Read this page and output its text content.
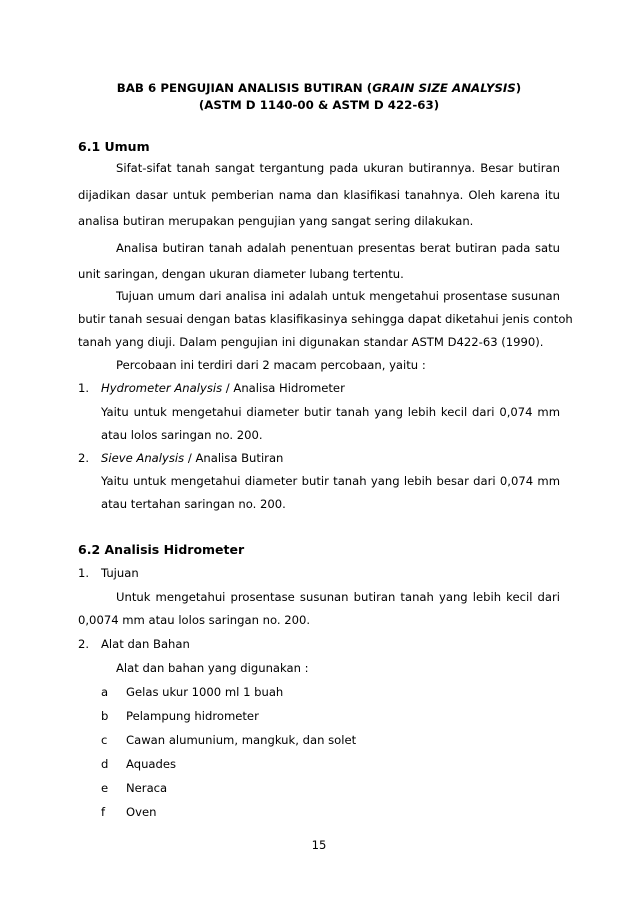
BAB 6 PENGUJIAN ANALISIS BUTIRAN (GRAIN SIZE ANALYSIS)
(ASTM D 1140-00 & ASTM D 422-63)
6.1 Umum
Sifat-sifat tanah sangat tergantung pada ukuran butirannya. Besar butiran
dijadikan dasar untuk pemberian nama dan klasifikasi tanahnya. Oleh karena itu
analisa butiran merupakan pengujian yang sangat sering dilakukan.
Analisa butiran tanah adalah penentuan presentas berat butiran pada satu
unit saringan, dengan ukuran diameter lubang tertentu.
Tujuan umum dari analisa ini adalah untuk mengetahui prosentase susunan
butir tanah sesuai dengan batas klasifikasinya sehingga dapat diketahui jenis contoh
tanah yang diuji. Dalam pengujian ini digunakan standar ASTM D422-63 (1990).
Percobaan ini terdiri dari 2 macam percobaan, yaitu :
1. Hydrometer Analysis / Analisa Hidrometer
Yaitu untuk mengetahui diameter butir tanah yang lebih kecil dari 0,074 mm
atau lolos saringan no. 200.
2. Sieve Analysis / Analisa Butiran
Yaitu untuk mengetahui diameter butir tanah yang lebih besar dari 0,074 mm
atau tertahan saringan no. 200.
6.2 Analisis Hidrometer
1. Tujuan
Untuk mengetahui prosentase susunan butiran tanah yang lebih kecil dari
0,0074 mm atau lolos saringan no. 200.
2. Alat dan Bahan
Alat dan bahan yang digunakan :
a Gelas ukur 1000 ml 1 buah
b Pelampung hidrometer
c Cawan alumunium, mangkuk, dan solet
d Aquades
e Neraca
f Oven
15
